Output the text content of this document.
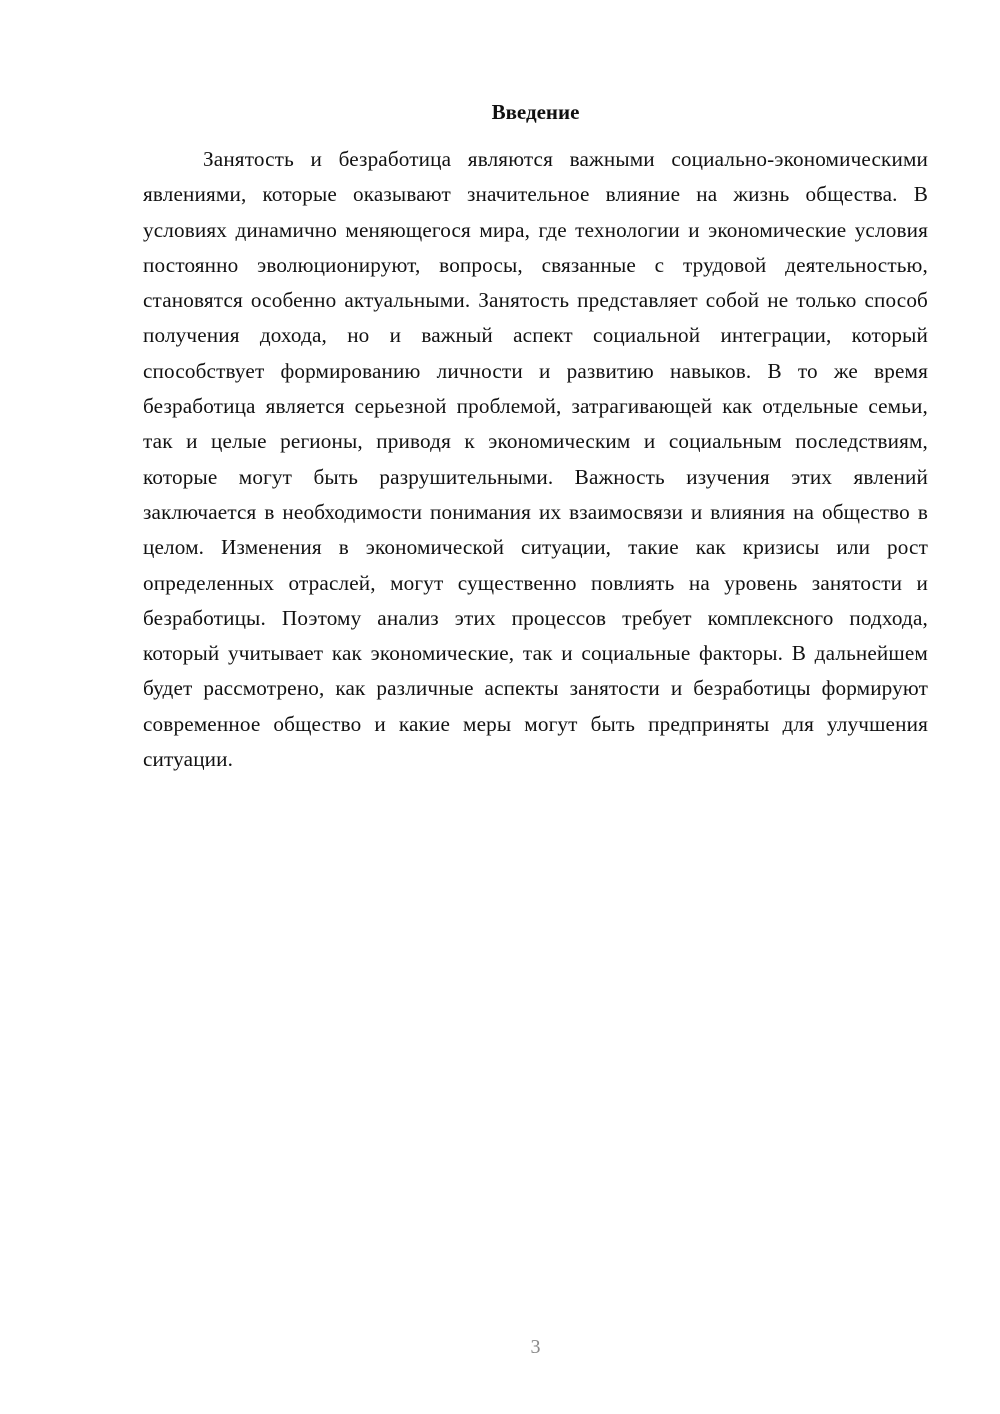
Введение

Занятость и безработица являются важными социально-экономическими явлениями, которые оказывают значительное влияние на жизнь общества. В условиях динамично меняющегося мира, где технологии и экономические условия постоянно эволюционируют, вопросы, связанные с трудовой деятельностью, становятся особенно актуальными. Занятость представляет собой не только способ получения дохода, но и важный аспект социальной интеграции, который способствует формированию личности и развитию навыков. В то же время безработица является серьезной проблемой, затрагивающей как отдельные семьи, так и целые регионы, приводя к экономическим и социальным последствиям, которые могут быть разрушительными. Важность изучения этих явлений заключается в необходимости понимания их взаимосвязи и влияния на общество в целом. Изменения в экономической ситуации, такие как кризисы или рост определенных отраслей, могут существенно повлиять на уровень занятости и безработицы. Поэтому анализ этих процессов требует комплексного подхода, который учитывает как экономические, так и социальные факторы. В дальнейшем будет рассмотрено, как различные аспекты занятости и безработицы формируют современное общество и какие меры могут быть предприняты для улучшения ситуации.

3
